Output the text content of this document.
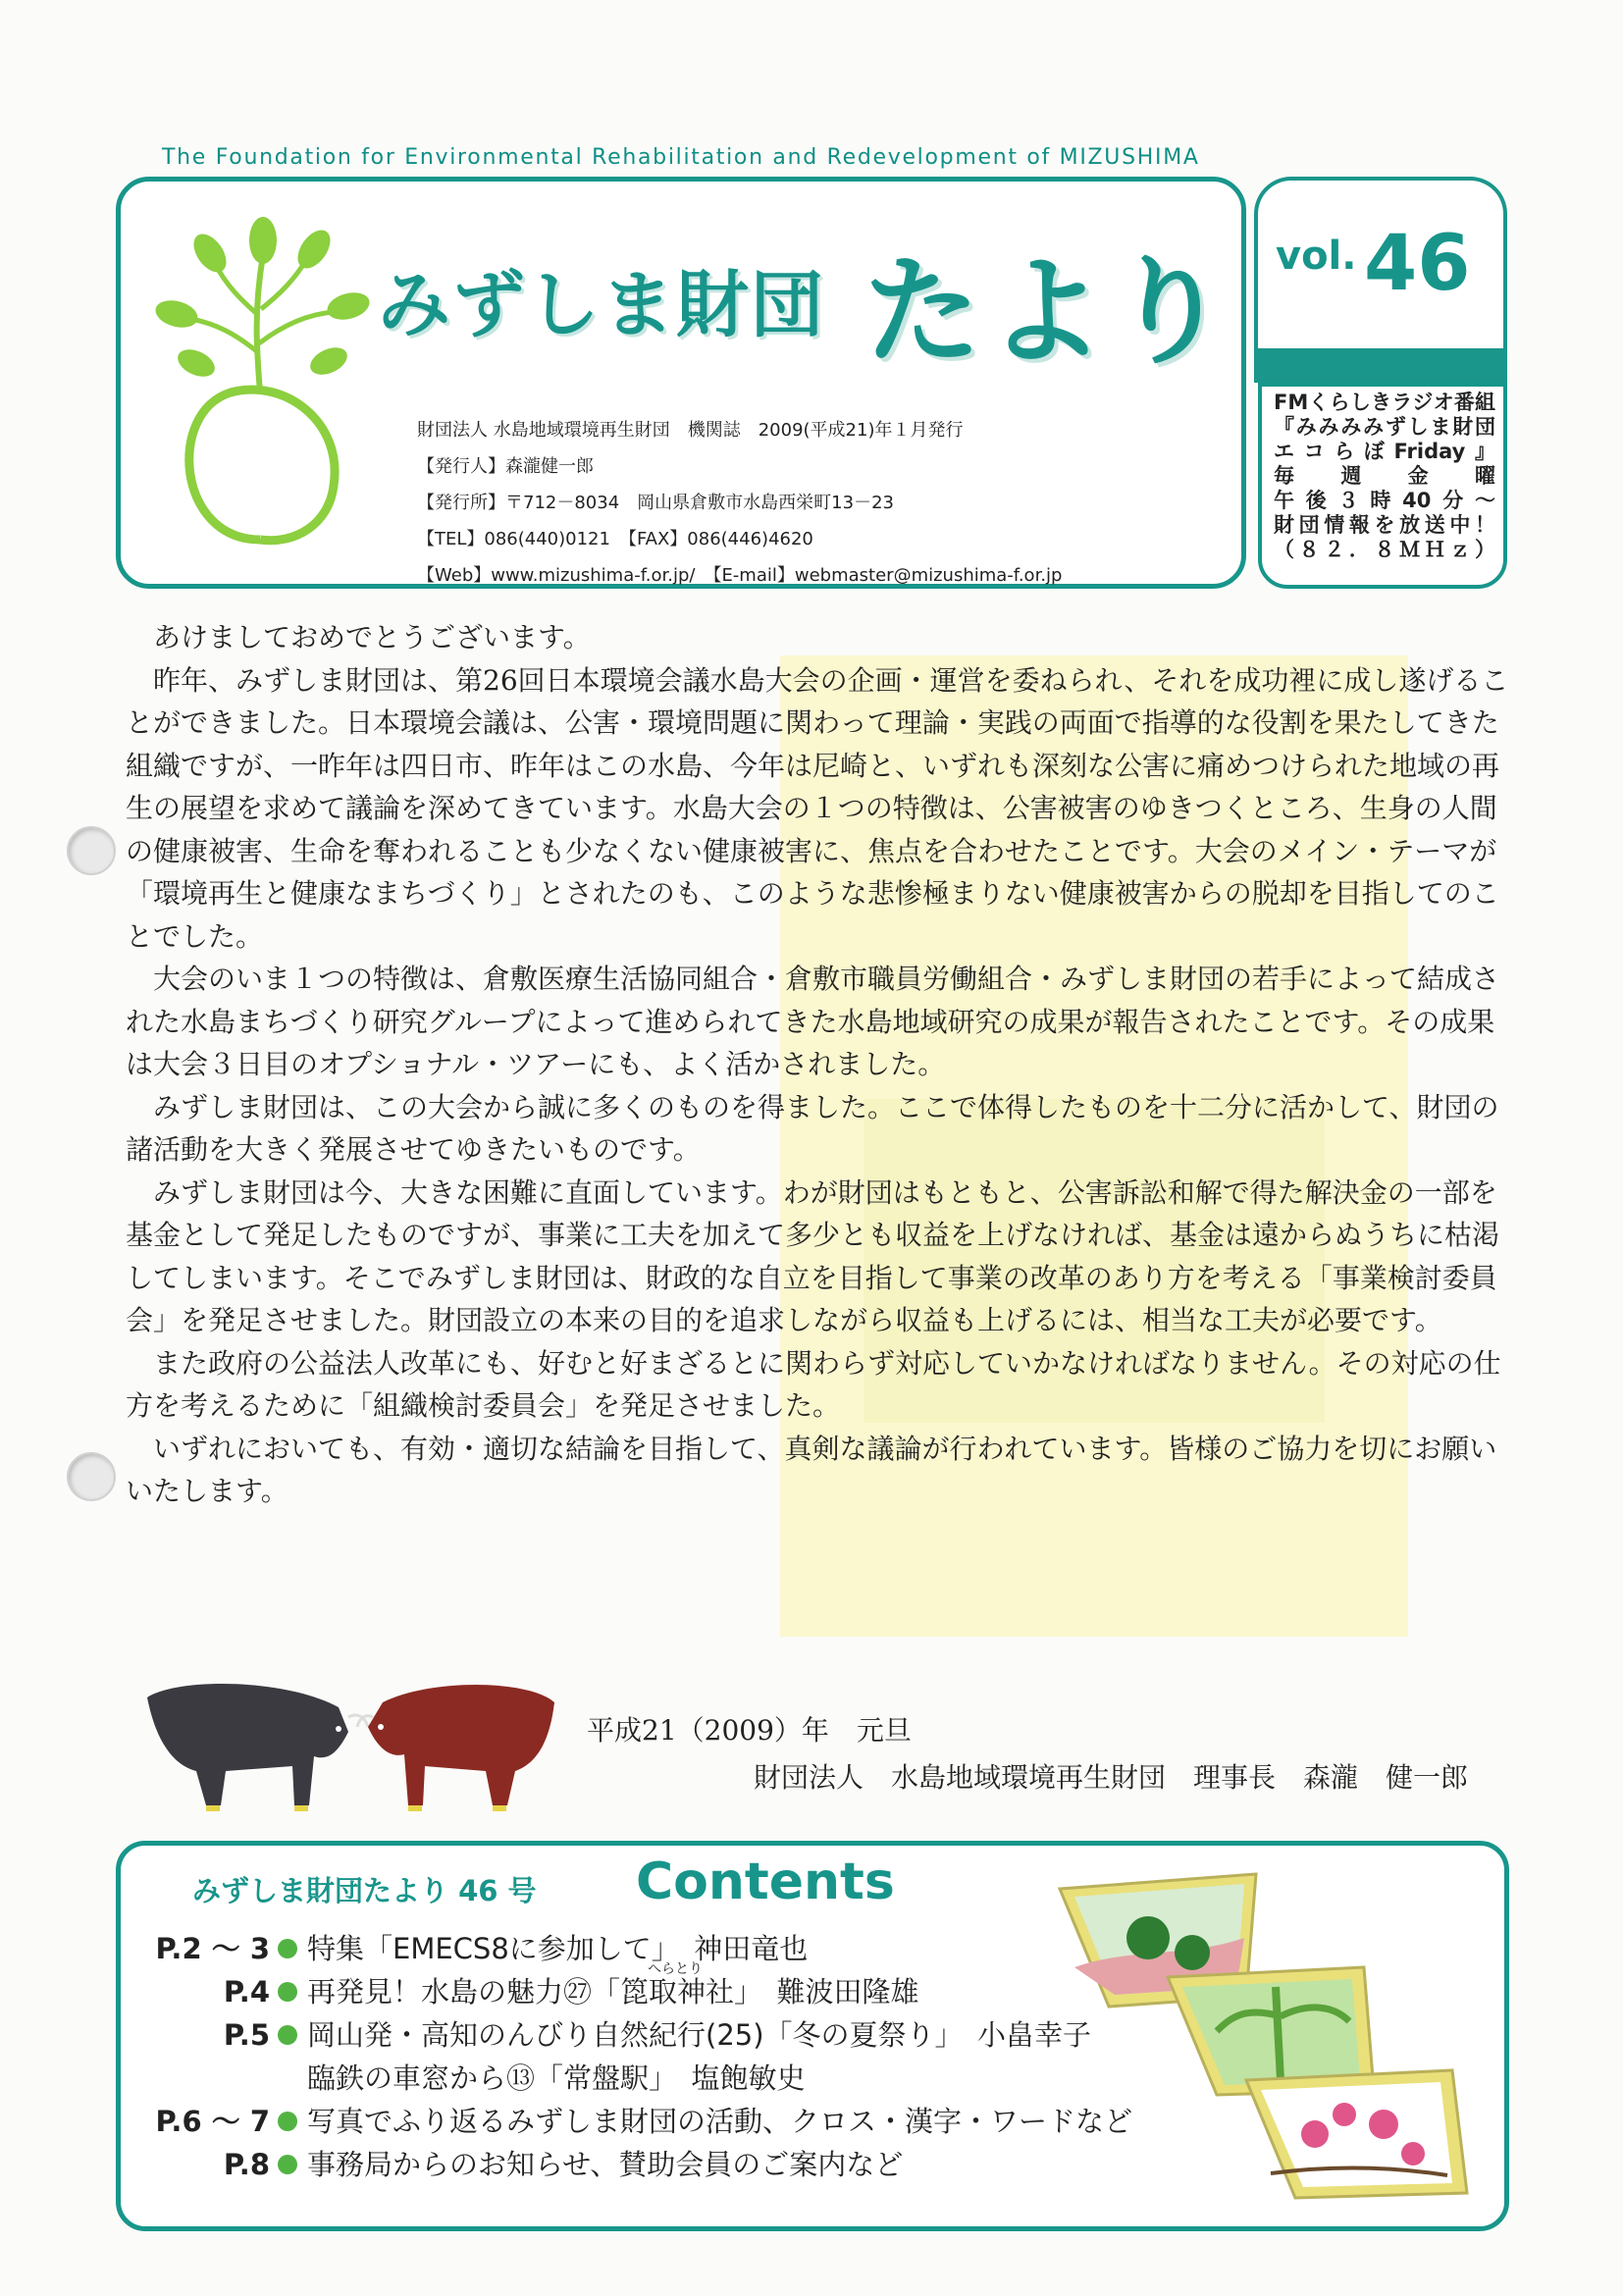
The Foundation for Environmental Rehabilitation and Redevelopment of MIZUSHIMA
みずしま財団 たより
財団法人 水島地域環境再生財団　機関誌　2009(平成21)年１月発行
【発行人】森瀧健一郎
【発行所】〒712－8034　岡山県倉敷市水島西栄町13－23
【TEL】086(440)0121　【FAX】086(446)4620
【Web】www.mizushima-f.or.jp/　【E-mail】webmaster@mizushima-f.or.jp
vol. 46
FMくらしきラジオ番組
『みみみみずしま財団
エコらぼFriday』
毎週金曜
午後３時40分～
財団情報を放送中！
（８２．８ＭＨｚ）

あけましておめでとうございます。

昨年、みずしま財団は、第26回日本環境会議水島大会の企画・運営を委ねられ、それを成功裡に成し遂げることができました。日本環境会議は、公害・環境問題に関わって理論・実践の両面で指導的な役割を果たしてきた組織ですが、一昨年は四日市、昨年はこの水島、今年は尼崎と、いずれも深刻な公害に痛めつけられた地域の再生の展望を求めて議論を深めてきています。水島大会の１つの特徴は、公害被害のゆきつくところ、生身の人間の健康被害、生命を奪われることも少なくない健康被害に、焦点を合わせたことです。大会のメイン・テーマが「環境再生と健康なまちづくり」とされたのも、このような悲惨極まりない健康被害からの脱却を目指してのことでした。

大会のいま１つの特徴は、倉敷医療生活協同組合・倉敷市職員労働組合・みずしま財団の若手によって結成された水島まちづくり研究グループによって進められてきた水島地域研究の成果が報告されたことです。その成果は大会３日目のオプショナル・ツアーにも、よく活かされました。

みずしま財団は、この大会から誠に多くのものを得ました。ここで体得したものを十二分に活かして、財団の諸活動を大きく発展させてゆきたいものです。

みずしま財団は今、大きな困難に直面しています。わが財団はもともと、公害訴訟和解で得た解決金の一部を基金として発足したものですが、事業に工夫を加えて多少とも収益を上げなければ、基金は遠からぬうちに枯渇してしまいます。そこでみずしま財団は、財政的な自立を目指して事業の改革のあり方を考える「事業検討委員会」を発足させました。財団設立の本来の目的を追求しながら収益も上げるには、相当な工夫が必要です。

また政府の公益法人改革にも、好むと好まざるとに関わらず対応していかなければなりません。その対応の仕方を考えるために「組織検討委員会」を発足させました。

いずれにおいても、有効・適切な結論を目指して、真剣な議論が行われています。皆様のご協力を切にお願いいたします。

平成21（2009）年　元旦
財団法人　水島地域環境再生財団　理事長　森瀧　健一郎
みずしま財団たより 46 号 Contents
P.2 ～ 3 特集「EMECS8に参加して」　神田竜也
P.4 再発見！水島の魅力㉗「箆取神社」　難波田隆雄
へらとり
P.5 岡山発・高知のんびり自然紀行(25)「冬の夏祭り」　小畠幸子
臨鉄の車窓から⑬「常盤駅」　塩飽敏史
P.6 ～ 7 写真でふり返るみずしま財団の活動、クロス・漢字・ワードなど
P.8 事務局からのお知らせ、賛助会員のご案内など
